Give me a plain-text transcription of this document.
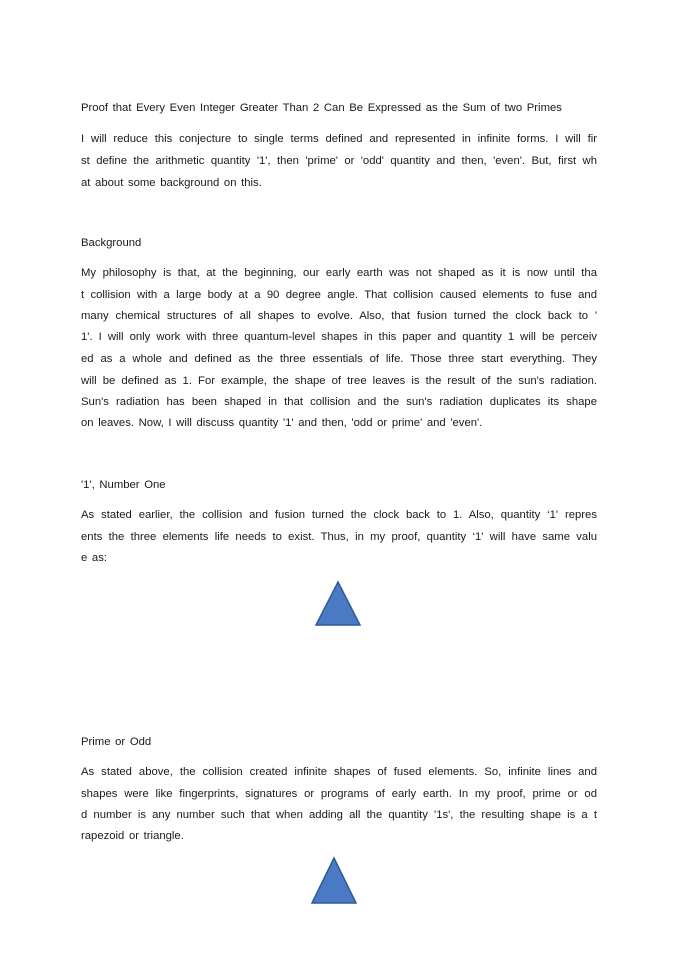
Proof that Every Even Integer Greater Than 2 Can Be Expressed as the Sum of two Primes

I will reduce this conjecture to single terms defined and represented in infinite forms. I will fir

st define the arithmetic quantity '1', then 'prime' or 'odd' quantity and then, 'even'. But, first wh

at about some background on this.

Background

My philosophy is that, at the beginning, our early earth was not shaped as it is now until tha

t collision with a large body at a 90 degree angle. That collision caused elements to fuse and

many chemical structures of all shapes to evolve. Also, that fusion turned the clock back to '

1'. I will only work with three quantum-level shapes in this paper and quantity 1 will be perceiv

ed as a whole and defined as the three essentials of life. Those three start everything. They

will be defined as 1. For example, the shape of tree leaves is the result of the sun's radiation.

Sun's radiation has been shaped in that collision and the sun's radiation duplicates its shape

on leaves. Now, I will discuss quantity '1' and then, 'odd or prime' and 'even'.

'1', Number One

As stated earlier, the collision and fusion turned the clock back to 1. Also, quantity ‘1' repres

ents the three elements life needs to exist. Thus, in my proof, quantity ‘1' will have same valu

e as:

Prime or Odd

As stated above, the collision created infinite shapes of fused elements. So, infinite lines and

shapes were like fingerprints, signatures or programs of early earth. In my proof, prime or od

d number is any number such that when adding all the quantity '1s', the resulting shape is a t

rapezoid or triangle.
